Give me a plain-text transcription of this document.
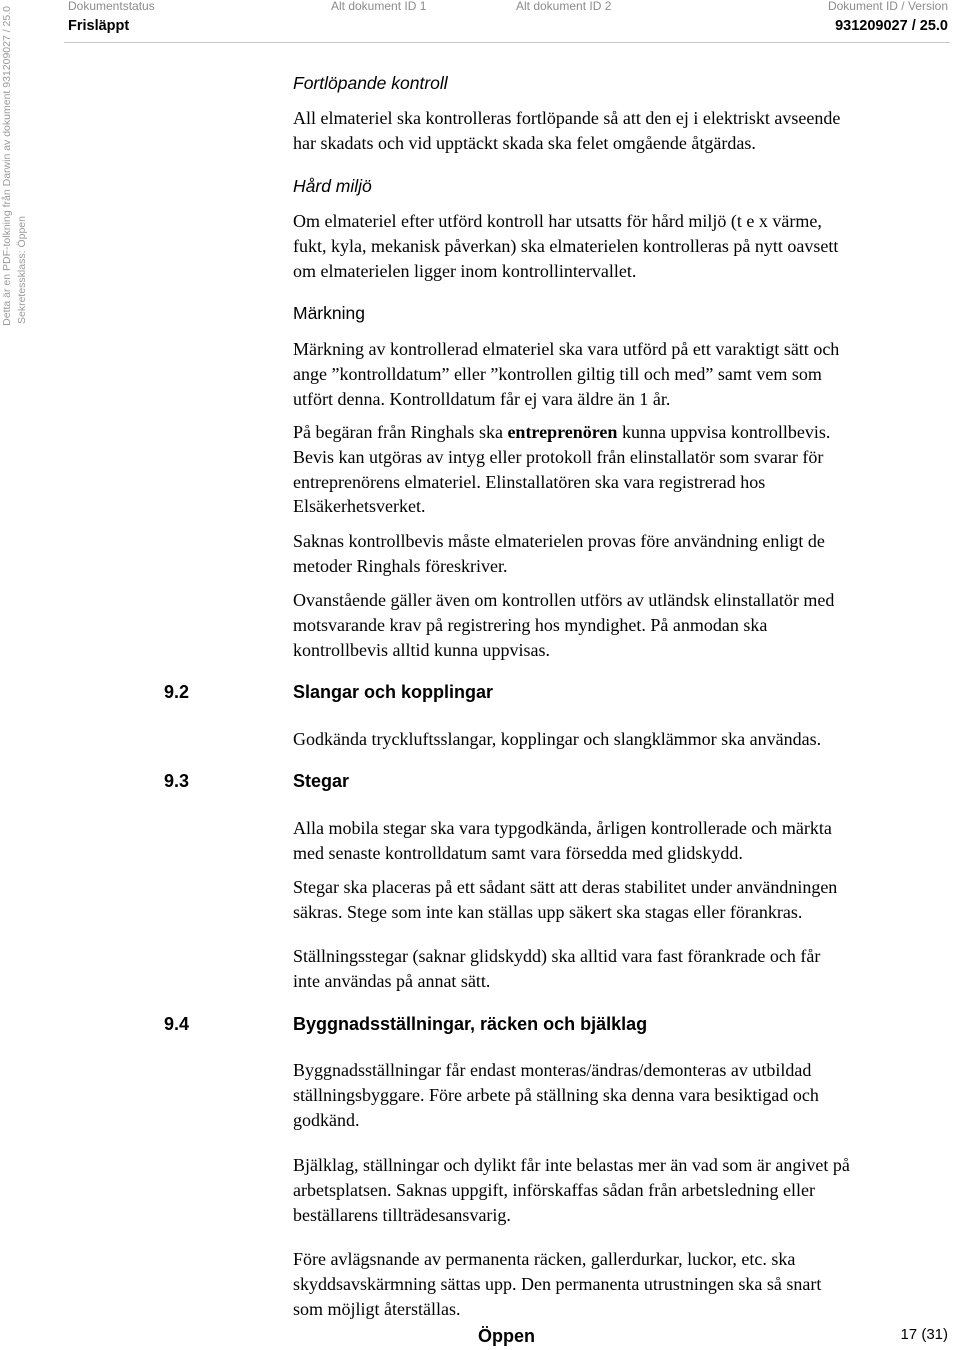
Dokumentstatus	Alt dokument ID 1	Alt dokument ID 2	Dokument ID / Version
Frisläppt	931209027 / 25.0
Detta är en PDF-tolkning från Darwin av dokument 931209027 / 25.0 Sekretessklass: Öppen
Fortlöpande kontroll
All elmateriel ska kontrolleras fortlöpande så att den ej i elektriskt avseende
har skadats och vid upptäckt skada ska felet omgående åtgärdas.
Hård miljö
Om elmateriel efter utförd kontroll har utsatts för hård miljö (t e x värme,
fukt, kyla, mekanisk påverkan) ska elmaterielen kontrolleras på nytt oavsett
om elmaterielen ligger inom kontrollintervallet.
Märkning
Märkning av kontrollerad elmateriel ska vara utförd på ett varaktigt sätt och
ange ”kontrolldatum” eller ”kontrollen giltig till och med” samt vem som
utfört denna. Kontrolldatum får ej vara äldre än 1 år.
På begäran från Ringhals ska entreprenören kunna uppvisa kontrollbevis.
Bevis kan utgöras av intyg eller protokoll från elinstallatör som svarar för
entreprenörens elmateriel. Elinstallatören ska vara registrerad hos
Elsäkerhetsverket.
Saknas kontrollbevis måste elmaterielen provas före användning enligt de
metoder Ringhals föreskriver.
Ovanstående gäller även om kontrollen utförs av utländsk elinstallatör med
motsvarande krav på registrering hos myndighet. På anmodan ska
kontrollbevis alltid kunna uppvisas.
9.2	Slangar och kopplingar
Godkända tryckluftsslangar, kopplingar och slangklämmor ska användas.
9.3	Stegar
Alla mobila stegar ska vara typgodkända, årligen kontrollerade och märkta
med senaste kontrolldatum samt vara försedda med glidskydd.
Stegar ska placeras på ett sådant sätt att deras stabilitet under användningen
säkras. Stege som inte kan ställas upp säkert ska stagas eller förankras.
Ställningsstegar (saknar glidskydd) ska alltid vara fast förankrade och får
inte användas på annat sätt.
9.4	Byggnadsställningar, räcken och bjälklag
Byggnadsställningar får endast monteras/ändras/demonteras av utbildad
ställningsbyggare. Före arbete på ställning ska denna vara besiktigad och
godkänd.
Bjälklag, ställningar och dylikt får inte belastas mer än vad som är angivet på
arbetsplatsen. Saknas uppgift, införskaffas sådan från arbetsledning eller
beställarens tillträdesansvarig.
Före avlägsnande av permanenta räcken, gallerdurkar, luckor, etc. ska
skyddsavskärmning sättas upp. Den permanenta utrustningen ska så snart
som möjligt återställas.
Öppen	17 (31)
